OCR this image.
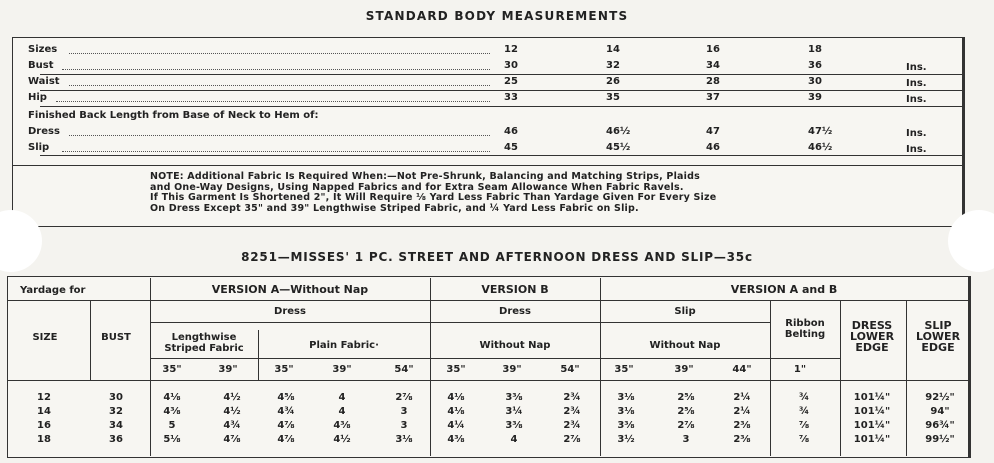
STANDARD BODY MEASUREMENTS
Sizes	12	14	16	18
Bust	30	32	34	36	Ins.
Waist	25	26	28	30	Ins.
Hip	33	35	37	39	Ins.
Finished Back Length from Base of Neck to Hem of:
Dress	46	46½	47	47½	Ins.
Slip	45	45½	46	46½	Ins.
NOTE: Additional Fabric Is Required When:—Not Pre-Shrunk, Balancing and Matching Strips, Plaids
and One-Way Designs, Using Napped Fabrics and for Extra Seam Allowance When Fabric Ravels.
If This Garment Is Shortened 2", It Will Require ⅛ Yard Less Fabric Than Yardage Given For Every Size
On Dress Except 35" and 39" Lengthwise Striped Fabric, and ¼ Yard Less Fabric on Slip.
8251—MISSES' 1 PC. STREET AND AFTERNOON DRESS AND SLIP—35c
Yardage for
SIZE	BUST
VERSION A—Without Nap	VERSION B	VERSION A and B
Dress	Dress	Slip
Lengthwise
Striped Fabric	Plain Fabric·	Without Nap	Without Nap
Ribbon
Belting
DRESS
LOWER
EDGE
SLIP
LOWER
EDGE
35"	39"	35"	39"	54"	35"	39"	54"	35"	39"	44"	1"
12	30	4⅛	4½	4⅝	4	2⅞	4⅛	3⅜	2¾	3⅛	2⅝	2¼	¾	101¼"	92½"
14	32	4⅜	4½	4¾	4	3	4⅛	3¼	2¾	3⅛	2⅝	2¼	¾	101¼"	94"
16	34	5	4¾	4⅞	4⅜	3	4¼	3⅜	2¾	3⅜	2⅞	2⅜	⅞	101¼"	96¾"
18	36	5⅛	4⅞	4⅞	4½	3⅛	4⅜	4	2⅞	3½	3	2⅜	⅞	101¼"	99½"
